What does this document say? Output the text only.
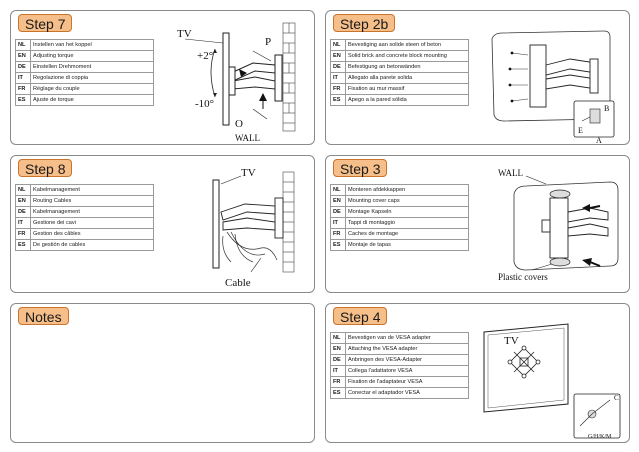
Step 7
NL	Instellen van het koppel
EN	Adjusting torque
DE	Einstellen Drehmoment
IT	Regolazione di coppia
FR	Réglage du couple
ES	Ajuste de torque
TV
P
+2°
-10°
O
WALL
Step 2b
NL	Bevestiging aan solide steen of beton
EN	Solid brick and concrete block mounting
DE	Befestigung an betonwänden
IT	Allegato alla parete solida
FR	Fixation au mur massif
ES	Apego a la pared sólida
B
E
A
Step 8
NL	Kabelmanagement
EN	Routing Cables
DE	Kabelmanagement
IT	Gestione dei cavi
FR	Gestion des câbles
ES	De gestión de cables
TV
Cable
Step 3
NL	Monteren afdekkappen
EN	Mounting cover caps
DE	Montage Kapseln
IT	Tappi di montaggio
FR	Caches de montage
ES	Montaje de tapas
WALL
Plastic covers
Notes	Step 4
NL	Bevestigen van de VESA adapter
EN	Attaching the VESA adapter
DE	Anbringen des VESA-Adapter
IT	Collega l'adattatore VESA
FR	Fixation de l'adaptateur VESA
ES	Conectar el adaptador VESA
TV
C
G/H/K/M
